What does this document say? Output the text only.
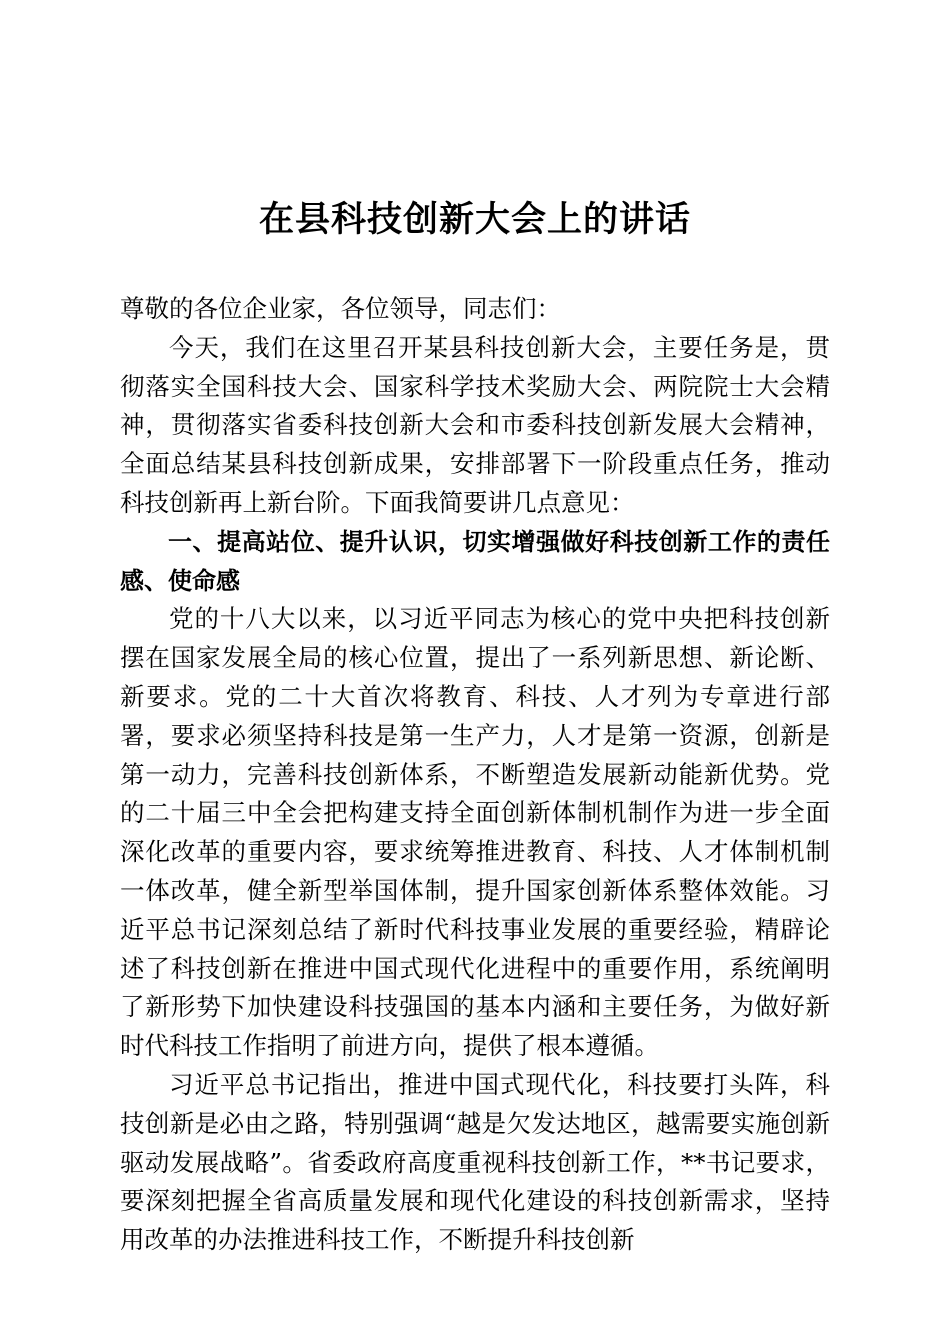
在县科技创新大会上的讲话

尊敬的各位企业家，各位领导，同志们：

今天，我们在这里召开某县科技创新大会，主要任务是，贯彻落实全国科技大会、国家科学技术奖励大会、两院院士大会精神，贯彻落实省委科技创新大会和市委科技创新发展大会精神，全面总结某县科技创新成果，安排部署下一阶段重点任务，推动科技创新再上新台阶。下面我简要讲几点意见：

一、提高站位、提升认识，切实增强做好科技创新工作的责任感、使命感

党的十八大以来，以习近平同志为核心的党中央把科技创新摆在国家发展全局的核心位置，提出了一系列新思想、新论断、新要求。党的二十大首次将教育、科技、人才列为专章进行部署，要求必须坚持科技是第一生产力，人才是第一资源，创新是第一动力，完善科技创新体系，不断塑造发展新动能新优势。党的二十届三中全会把构建支持全面创新体制机制作为进一步全面深化改革的重要内容，要求统筹推进教育、科技、人才体制机制一体改革，健全新型举国体制，提升国家创新体系整体效能。习近平总书记深刻总结了新时代科技事业发展的重要经验，精辟论述了科技创新在推进中国式现代化进程中的重要作用，系统阐明了新形势下加快建设科技强国的基本内涵和主要任务，为做好新时代科技工作指明了前进方向，提供了根本遵循。

习近平总书记指出，推进中国式现代化，科技要打头阵，科技创新是必由之路，特别强调“越是欠发达地区，越需要实施创新驱动发展战略”。省委政府高度重视科技创新工作，**书记要求，要深刻把握全省高质量发展和现代化建设的科技创新需求，坚持用改革的办法推进科技工作，不断提升科技创新
